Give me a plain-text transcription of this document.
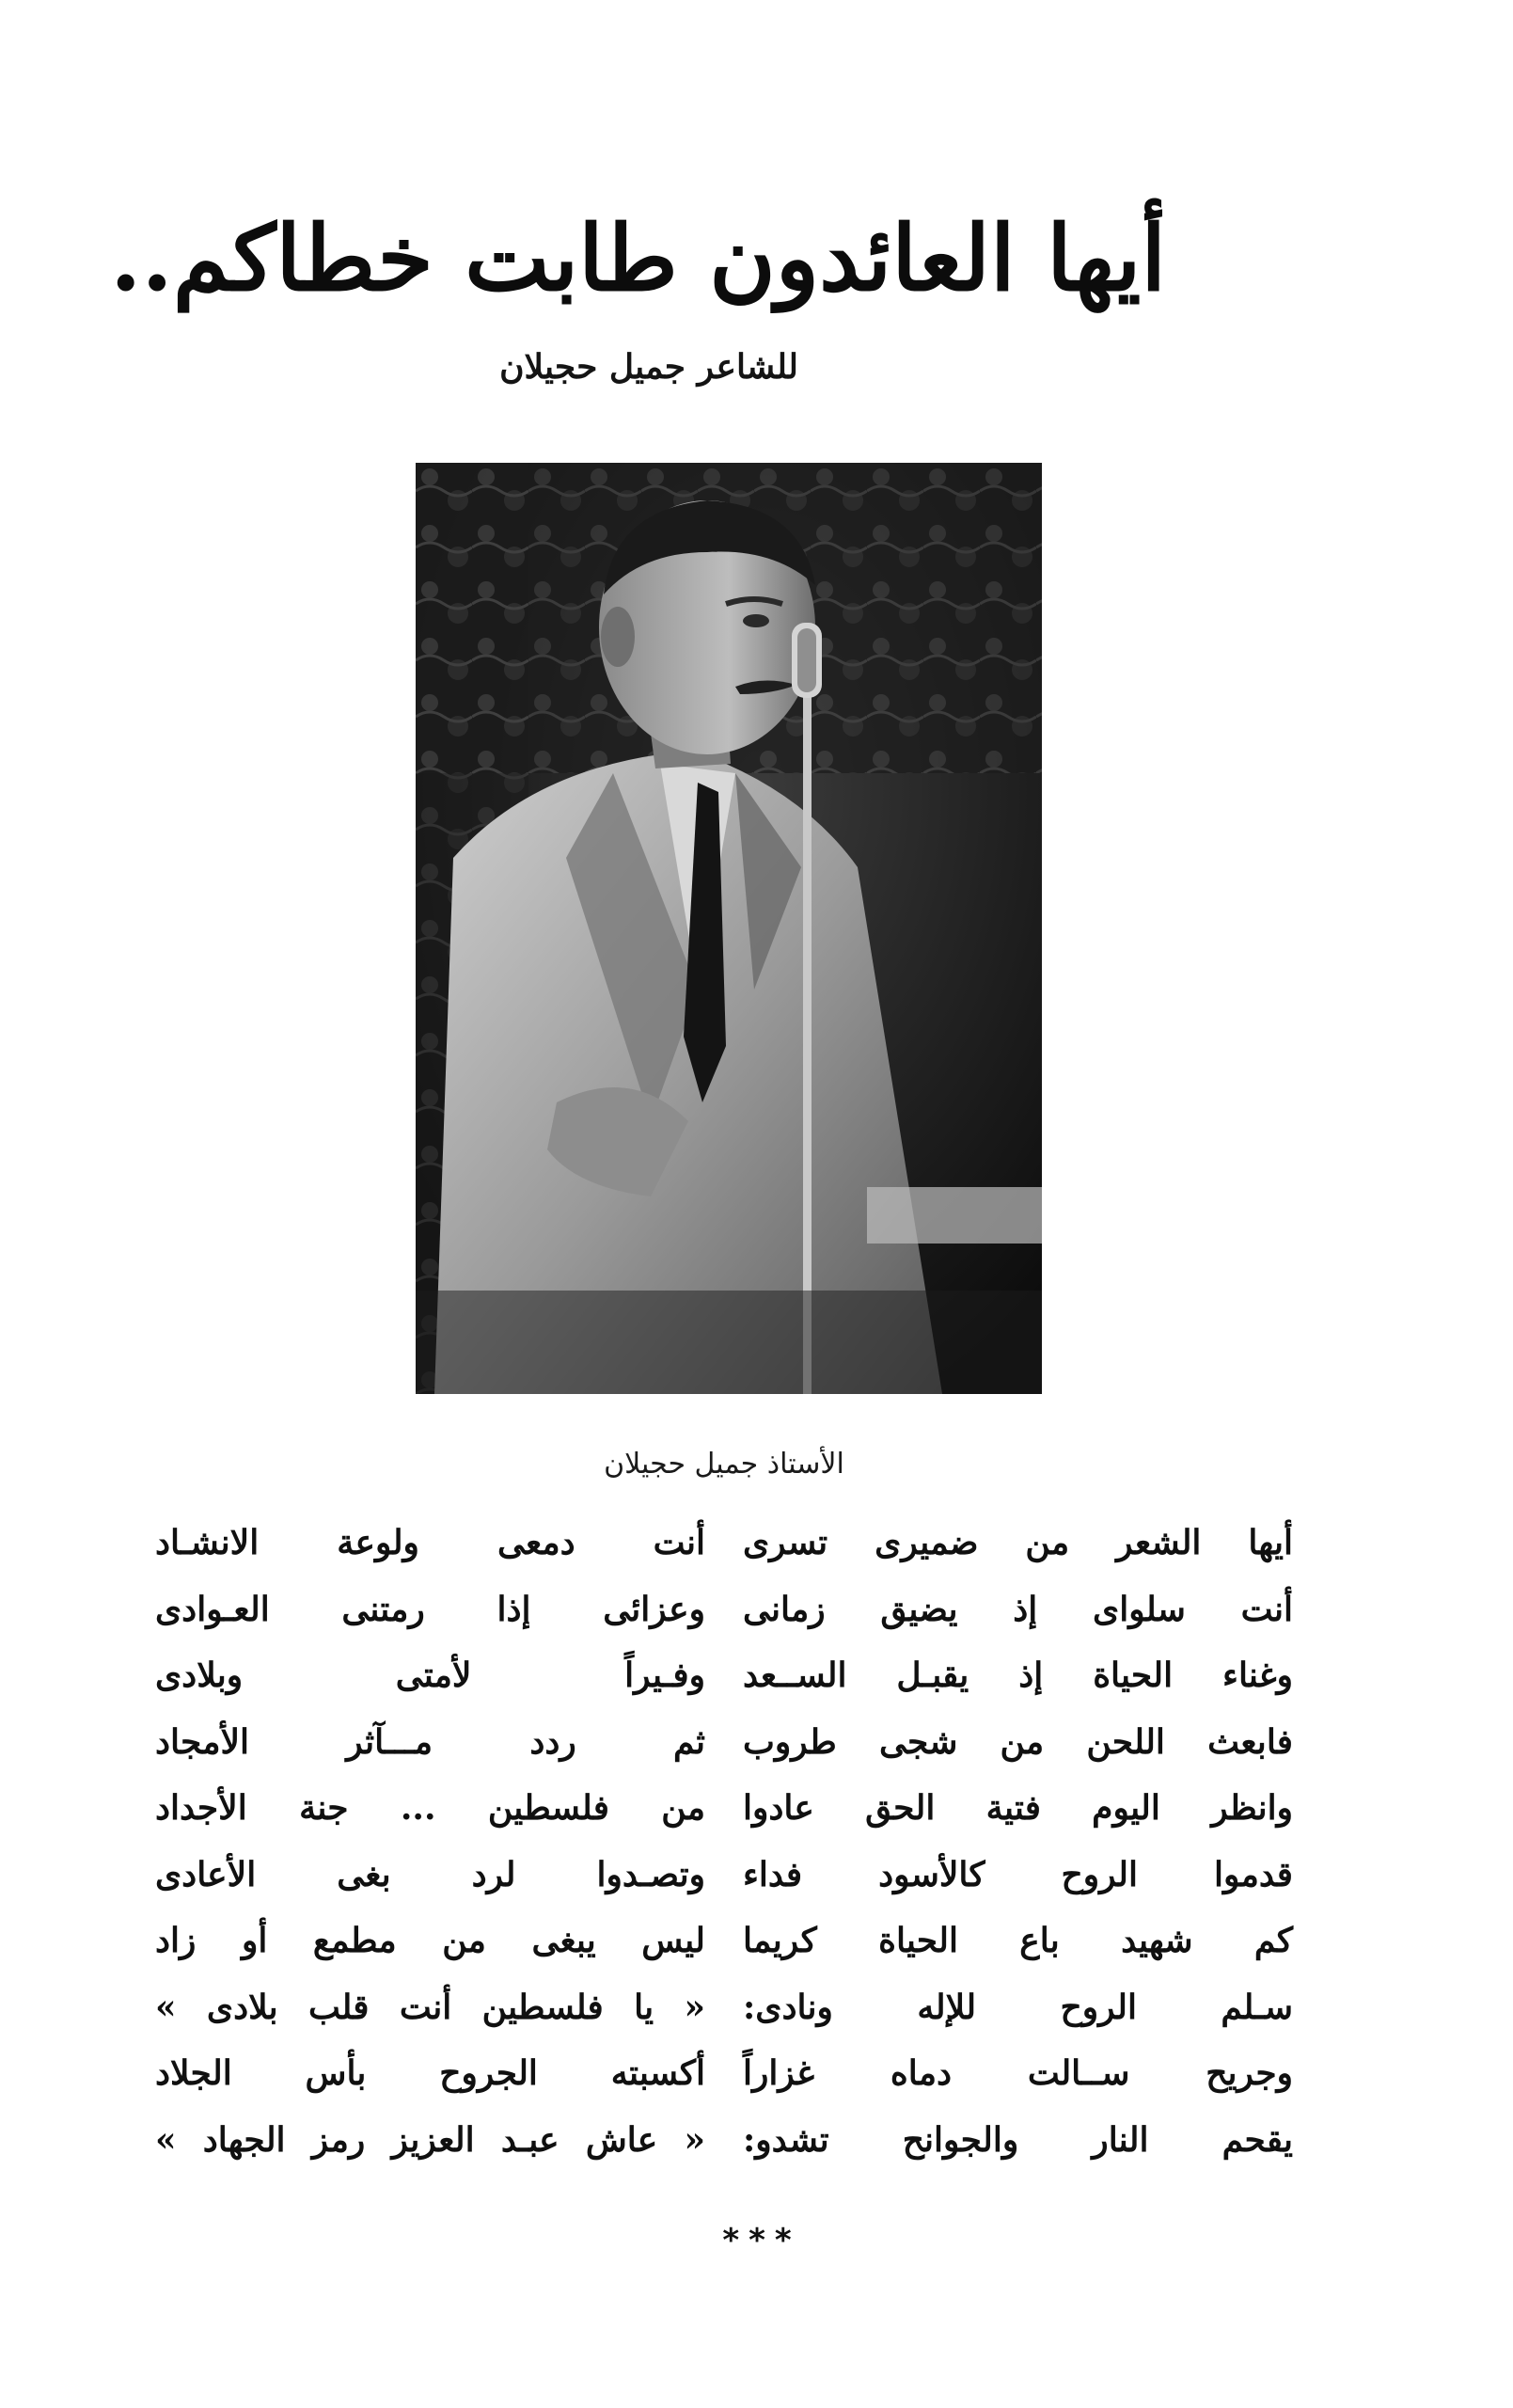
أيها العائدون طابت خطاكم..
للشاعر جميل حجيلان
الأستاذ جميل حجيلان
أيها الشعر من ضميرى تسرى
أنت دمعى ولوعة الانشـاد
أنت سلواى إذ يضيق زمانى
وعزائى إذا رمتنى العـوادى
وغناء الحياة إذ يقبـل الســعد
وفـيراً لأمتى وبلادى
فابعث اللحن من شجى طروب
ثم ردد مـــآثر الأمجاد
وانظر اليوم فتية الحق عادوا
من فلسطين ... جنة الأجداد
قدموا الروح كالأسود فداء
وتصـدوا لرد بغى الأعادى
كم شهيد باع الحياة كريما
ليس يبغى من مطمع أو زاد
سـلم الروح للإله ونادى:
« يا فلسطين أنت قلب بلادى »
وجريح ســالت دماه غزاراً
أكسبته الجروح بأس الجلاد
يقحم النار والجوانح تشدو:
« عاش عبـد العزيز رمز الجهاد »
***
